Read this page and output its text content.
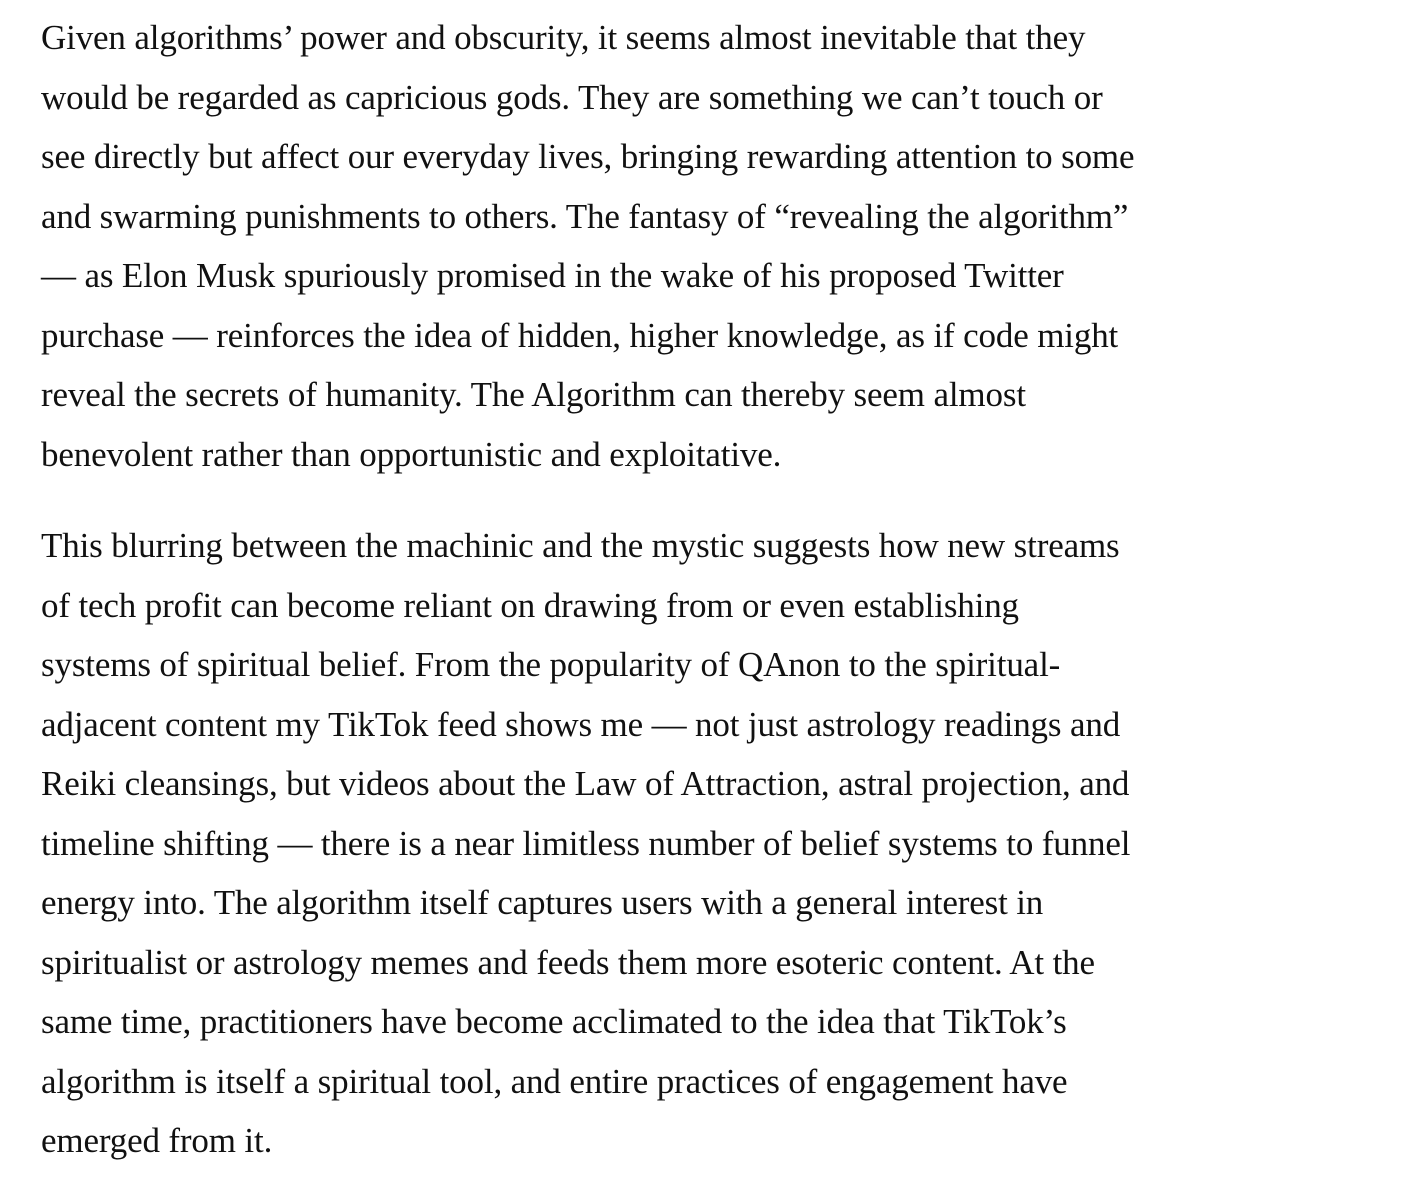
Given algorithms’ power and obscurity, it seems almost inevitable that they
would be regarded as capricious gods. They are something we can’t touch or
see directly but affect our everyday lives, bringing rewarding attention to some
and swarming punishments to others. The fantasy of “revealing the algorithm”
— as Elon Musk spuriously promised in the wake of his proposed Twitter
purchase — reinforces the idea of hidden, higher knowledge, as if code might
reveal the secrets of humanity. The Algorithm can thereby seem almost
benevolent rather than opportunistic and exploitative.

This blurring between the machinic and the mystic suggests how new streams
of tech profit can become reliant on drawing from or even establishing
systems of spiritual belief. From the popularity of QAnon to the spiritual-
adjacent content my TikTok feed shows me — not just astrology readings and
Reiki cleansings, but videos about the Law of Attraction, astral projection, and
timeline shifting — there is a near limitless number of belief systems to funnel
energy into. The algorithm itself captures users with a general interest in
spiritualist or astrology memes and feeds them more esoteric content. At the
same time, practitioners have become acclimated to the idea that TikTok’s
algorithm is itself a spiritual tool, and entire practices of engagement have
emerged from it.
